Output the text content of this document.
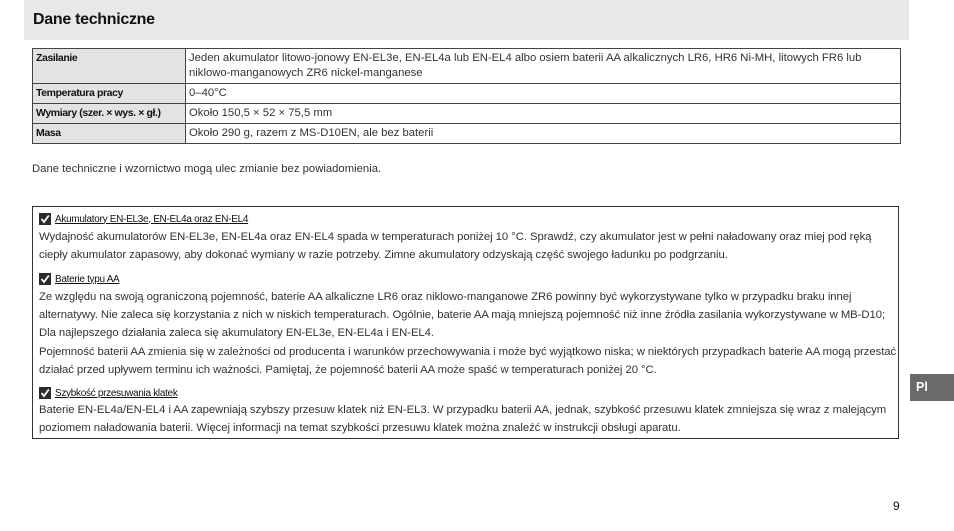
Dane techniczne
Zasilanie	Jeden akumulator litowo-jonowy EN-EL3e, EN-EL4a lub EN-EL4 albo osiem baterii AA alkalicznych LR6, HR6 Ni-MH, litowych FR6 lub niklowo-manganowych ZR6 nickel-manganese
Temperatura pracy	0–40°C
Wymiary (szer. × wys. × gł.)	Około 150,5 × 52 × 75,5 mm
Masa	Około 290 g, razem z MS-D10EN, ale bez baterii
Dane techniczne i wzornictwo mogą ulec zmianie bez powiadomienia.
Akumulatory EN-EL3e, EN-EL4a oraz EN-EL4
Wydajność akumulatorów EN-EL3e, EN-EL4a oraz EN-EL4 spada w temperaturach poniżej 10 °C. Sprawdź, czy akumulator jest w pełni naładowany oraz miej pod ręką ciepły akumulator zapasowy, aby dokonać wymiany w razie potrzeby. Zimne akumulatory odzyskają część swojego ładunku po podgrzaniu.
Baterie typu AA
Ze względu na swoją ograniczoną pojemność, baterie AA alkaliczne LR6 oraz niklowo-manganowe ZR6 powinny być wykorzystywane tylko w przypadku braku innej alternatywy. Nie zaleca się korzystania z nich w niskich temperaturach. Ogólnie, baterie AA mają mniejszą pojemność niż inne źródła zasilania wykorzystywane w MB-D10; Dla najlepszego działania zaleca się akumulatory EN-EL3e, EN-EL4a i EN-EL4.
Pojemność baterii AA zmienia się w zależności od producenta i warunków przechowywania i może być wyjątkowo niska; w niektórych przypadkach baterie AA mogą przestać działać przed upływem terminu ich ważności. Pamiętaj, że pojemność baterii AA może spaść w temperaturach poniżej 20 °C.
Szybkość przesuwania klatek
Baterie EN-EL4a/EN-EL4 i AA zapewniają szybszy przesuw klatek niż EN-EL3. W przypadku baterii AA, jednak, szybkość przesuwu klatek zmniejsza się wraz z malejącym poziomem naładowania baterii. Więcej informacji na temat szybkości przesuwu klatek można znaleźć w instrukcji obsługi aparatu.
Pl
9
